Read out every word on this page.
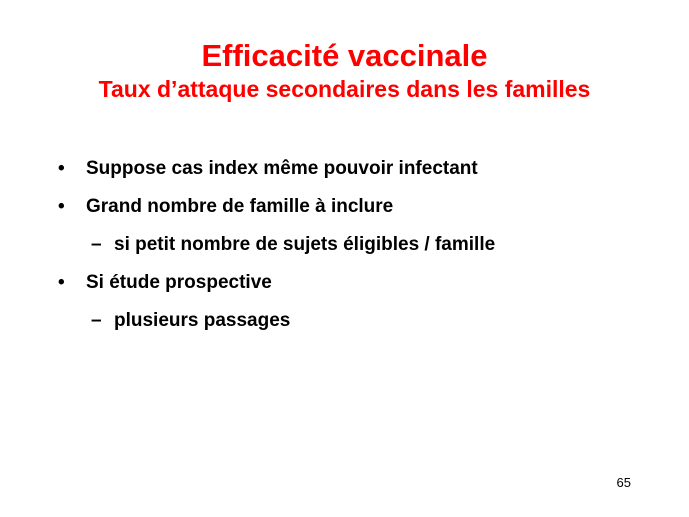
Efficacité vaccinale
Taux d’attaque secondaires dans les familles
• Suppose cas index même pouvoir infectant
• Grand nombre de famille à inclure
– si petit nombre de sujets éligibles / famille
• Si étude prospective
– plusieurs passages
65
